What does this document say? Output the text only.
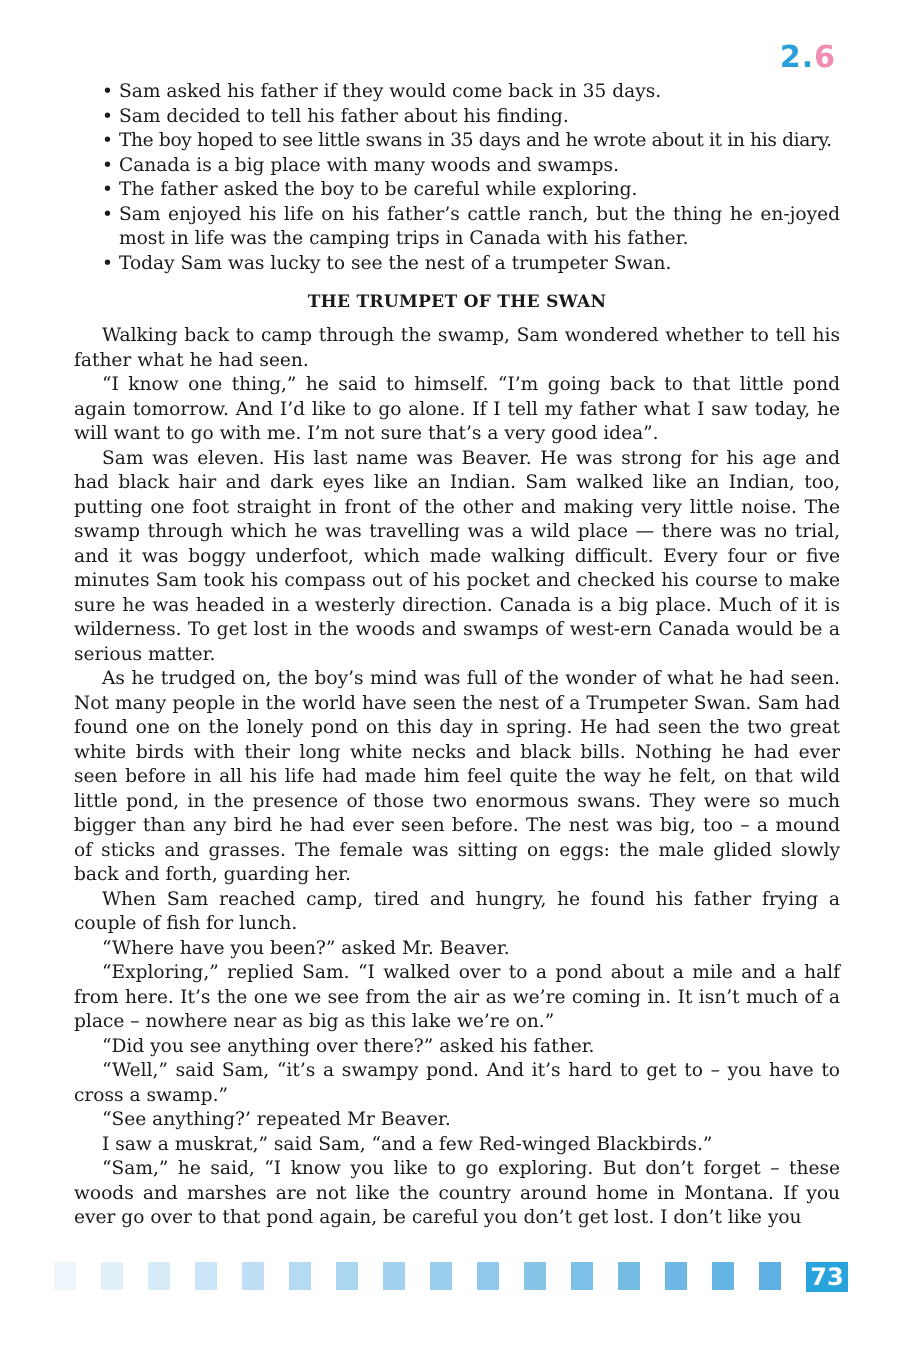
2.6
• Sam asked his father if they would come back in 35 days.
• Sam decided to tell his father about his finding.
• The boy hoped to see little swans in 35 days and he wrote about it in his diary.
• Canada is a big place with many woods and swamps.
• The father asked the boy to be careful while exploring.
• Sam enjoyed his life on his father’s cattle ranch, but the thing he en-joyed most in life was the camping trips in Canada with his father.
• Today Sam was lucky to see the nest of a trumpeter Swan.
THE TRUMPET OF THE SWAN

Walking back to camp through the swamp, Sam wondered whether to tell his father what he had seen.

“I know one thing,” he said to himself. “I’m going back to that little pond again tomorrow. And I’d like to go alone. If I tell my father what I saw today, he will want to go with me. I’m not sure that’s a very good idea”.

Sam was eleven. His last name was Beaver. He was strong for his age and had black hair and dark eyes like an Indian. Sam walked like an Indian, too, putting one foot straight in front of the other and making very little noise. The swamp through which he was travelling was a wild place — there was no trial, and it was boggy underfoot, which made walking difficult. Every four or five minutes Sam took his compass out of his pocket and checked his course to make sure he was headed in a westerly direction. Canada is a big place. Much of it is wilderness. To get lost in the woods and swamps of west-ern Canada would be a serious matter.

As he trudged on, the boy’s mind was full of the wonder of what he had seen. Not many people in the world have seen the nest of a Trumpeter Swan. Sam had found one on the lonely pond on this day in spring. He had seen the two great white birds with their long white necks and black bills. Nothing he had ever seen before in all his life had made him feel quite the way he felt, on that wild little pond, in the presence of those two enormous swans. They were so much bigger than any bird he had ever seen before. The nest was big, too – a mound of sticks and grasses. The female was sitting on eggs: the male glided slowly back and forth, guarding her.

When Sam reached camp, tired and hungry, he found his father frying a couple of fish for lunch.

“Where have you been?” asked Mr. Beaver.

“Exploring,” replied Sam. “I walked over to a pond about a mile and a half from here. It’s the one we see from the air as we’re coming in. It isn’t much of a place – nowhere near as big as this lake we’re on.”

“Did you see anything over there?” asked his father.

“Well,” said Sam, “it’s a swampy pond. And it’s hard to get to – you have to cross a swamp.”

“See anything?’ repeated Mr Beaver.

I saw a muskrat,” said Sam, “and a few Red-winged Blackbirds.”

“Sam,” he said, “I know you like to go exploring. But don’t forget – these woods and marshes are not like the country around home in Montana. If you ever go over to that pond again, be careful you don’t get lost. I don’t like you

73
